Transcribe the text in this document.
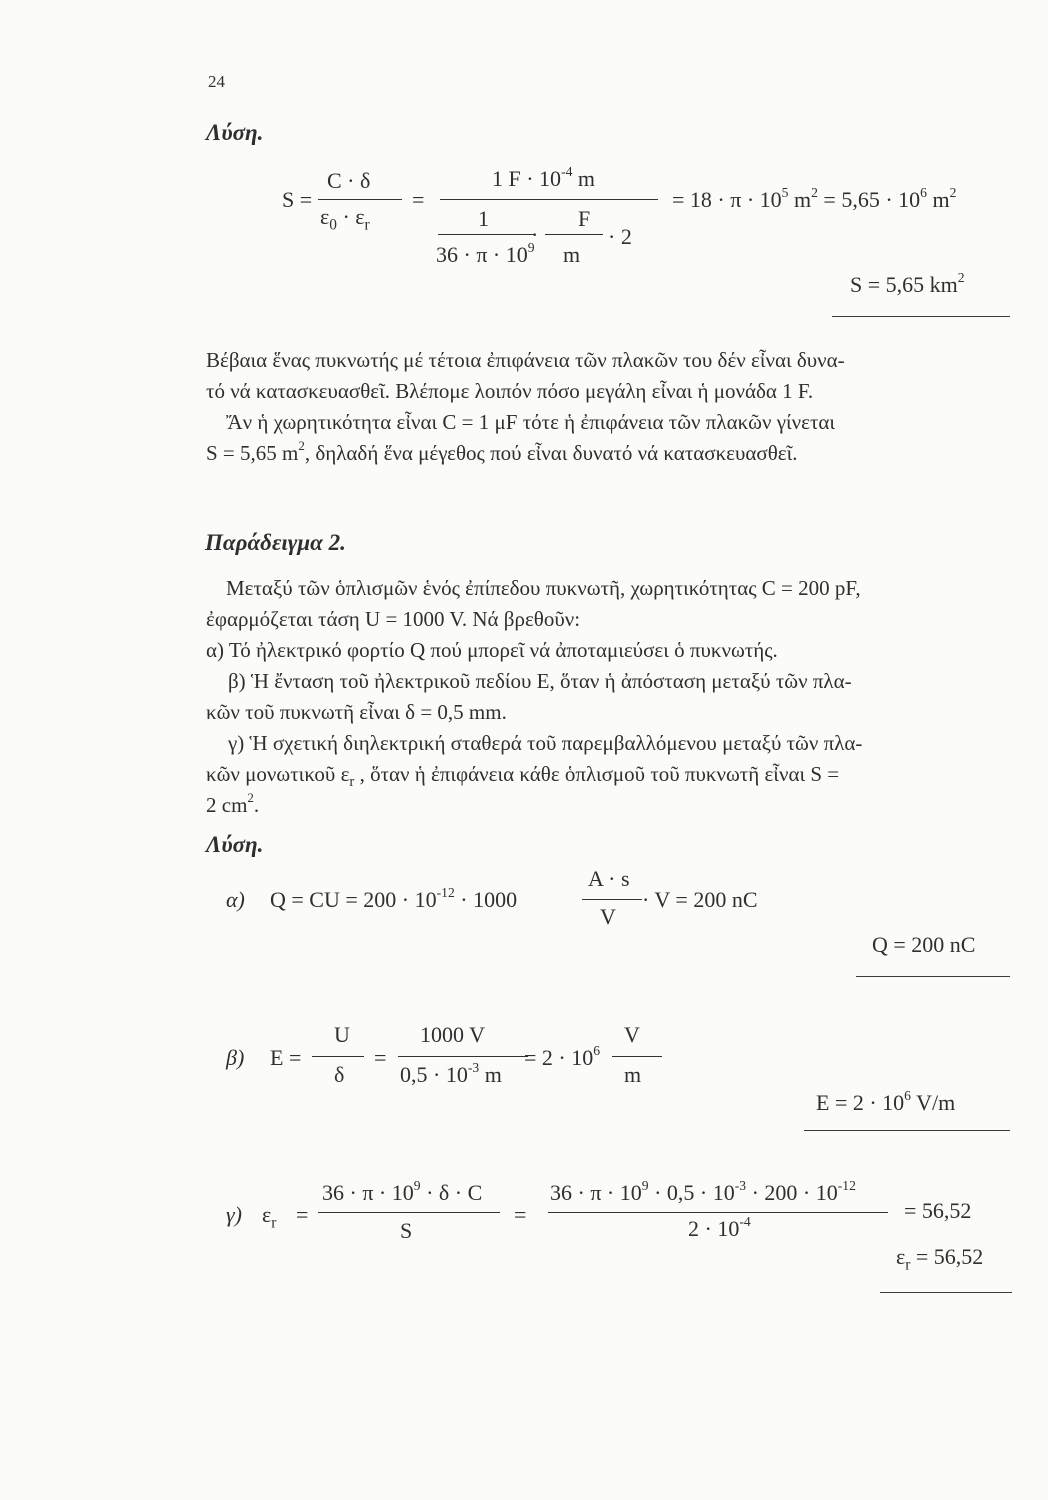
24
Λύση.
S =
C · δ
$\varepsilon_0 \cdot \varepsilon_r$
=
1 $F \cdot 10^{-4}$ m
1	F
·	· 2
$36 \cdot \pi \cdot 10^9$ m
= $18 \cdot \pi \cdot 10^5$ $m^2 = 5,65 \cdot 10^6$ $m^2$
S = 5,65 $km^2$
Βέβαια ἕνας πυκνωτής μέ τέτοια ἐπιφάνεια τῶν πλακῶν του δέν εἶναι δυνα-
τό νά κατασκευασθεῖ. Βλέπομε λοιπόν πόσο μεγάλη εἶναι ἡ μονάδα 1 F.
Ἄν ἡ χωρητικότητα εἶναι C = 1 μF τότε ἡ ἐπιφάνεια τῶν πλακῶν γίνεται
S = 5,65 $m^2$, δηλαδή ἕνα μέγεθος πού εἶναι δυνατό νά κατασκευασθεῖ.
Παράδειγμα 2.
Μεταξύ τῶν ὁπλισμῶν ἑνός ἐπίπεδου πυκνωτῆ, χωρητικότητας C = 200 pF,
ἐφαρμόζεται τάση U = 1000 V. Νά βρεθοῦν:
α) Τό ἠλεκτρικό φορτίο Q πού μπορεῖ νά ἀποταμιεύσει ὁ πυκνωτής.
β) Ἡ ἔνταση τοῦ ἠλεκτρικοῦ πεδίου E, ὅταν ἡ ἀπόσταση μεταξύ τῶν πλα-
κῶν τοῦ πυκνωτῆ εἶναι δ = 0,5 mm.
γ) Ἡ σχετική διηλεκτρική σταθερά τοῦ παρεμβαλλόμενου μεταξύ τῶν πλα-
κῶν μονωτικοῦ $\varepsilon_r$ , ὅταν ἡ ἐπιφάνεια κάθε ὁπλισμοῦ τοῦ πυκνωτῆ εἶναι S =
2 $cm^2$.
Λύση.
α) Q = CU = $200 \cdot 10^{-12} \cdot 1000$
A · s
V
· V = 200 nC
Q = 200 nC
β) E =
U
δ
=
1000 V
$0,5 \cdot 10^{-3}$ m
= $2 \cdot 10^6$
V
m
$E = 2 \cdot 10^6$ V/m
γ) $\varepsilon_r$ =
$36 \cdot \pi \cdot 10^9 \cdot \delta \cdot C$
S
=
$36 \cdot \pi \cdot 10^9 \cdot 0,5 \cdot 10^{-3} \cdot 200 \cdot 10^{-12}$
$2 \cdot 10^{-4}$	= 56,52
$\varepsilon_r = 56,52$
